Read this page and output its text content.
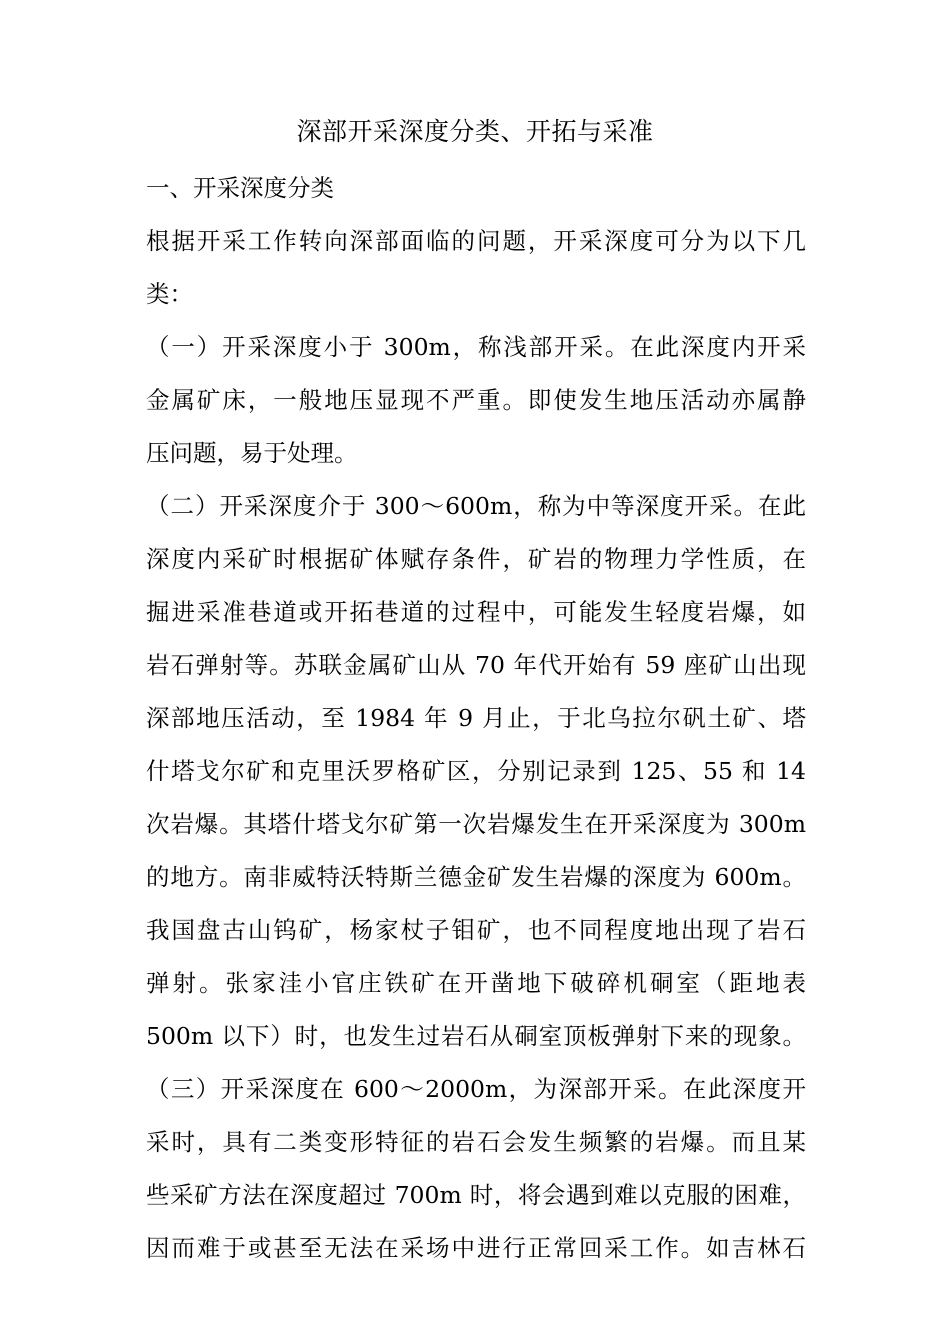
深部开采深度分类、开拓与采准
一、开采深度分类
根据开采工作转向深部面临的问题，开采深度可分为以下几
类：
（一）开采深度小于 300m，称浅部开采。在此深度内开采
金属矿床，一般地压显现不严重。即使发生地压活动亦属静
压问题，易于处理。
（二）开采深度介于 300～600m，称为中等深度开采。在此
深度内采矿时根据矿体赋存条件，矿岩的物理力学性质，在
掘进采准巷道或开拓巷道的过程中，可能发生轻度岩爆，如
岩石弹射等。苏联金属矿山从 70 年代开始有 59 座矿山出现
深部地压活动，至 1984 年 9 月止，于北乌拉尔矾土矿、塔
什塔戈尔矿和克里沃罗格矿区，分别记录到 125、55 和 14
次岩爆。其塔什塔戈尔矿第一次岩爆发生在开采深度为 300m
的地方。南非威特沃特斯兰德金矿发生岩爆的深度为 600m。
我国盘古山钨矿，杨家杖子钼矿，也不同程度地出现了岩石
弹射。张家洼小官庄铁矿在开凿地下破碎机硐室（距地表
500m 以下）时，也发生过岩石从硐室顶板弹射下来的现象。
（三）开采深度在 600～2000m，为深部开采。在此深度开
采时，具有二类变形特征的岩石会发生频繁的岩爆。而且某
些采矿方法在深度超过 700m 时，将会遇到难以克服的困难，
因而难于或甚至无法在采场中进行正常回采工作。如吉林石
